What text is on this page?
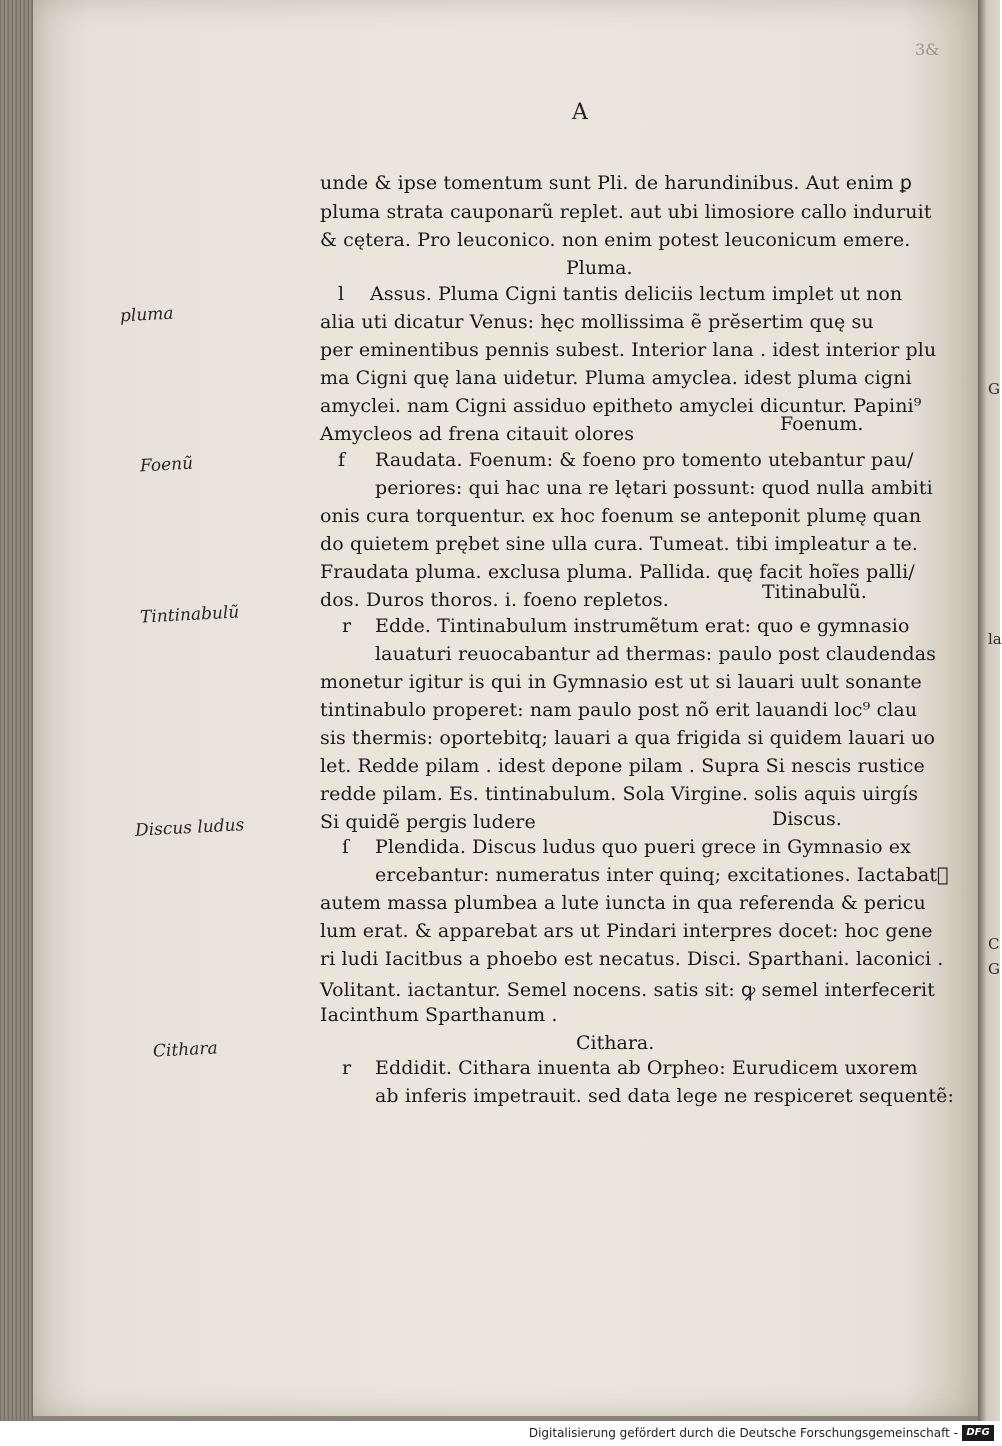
3&
A
unde & ipse tomentum sunt Pli. de harundinibus. Aut enim ꝑ
pluma strata cauponarũ replet. aut ubi limosiore callo induruit
& cętera. Pro leuconico. non enim potest leuconicum emere.
Pluma.
l Assus. Pluma Cigni tantis deliciis lectum implet ut non
alia uti dicatur Venus: hęc mollissima ẽ prĕsertim quę su
per eminentibus pennis subest. Interior lana . idest interior plu
ma Cigni quę lana uidetur. Pluma amyclea. idest pluma cigni
amyclei. nam Cigni assiduo epitheto amyclei dicuntur. Papini⁹
Amycleos ad frena citauit olores	Foenum.
f Raudata. Foenum: & foeno pro tomento utebantur pau/
periores: qui hac una re lętari possunt: quod nulla ambiti
onis cura torquentur. ex hoc foenum se anteponit plumę quan
do quietem prębet sine ulla cura. Tumeat. tibi impleatur a te.
Fraudata pluma. exclusa pluma. Pallida. quę facit hoĩes palli/
dos. Duros thoros. i. foeno repletos.	Titinabulũ.
r Edde. Tintinabulum instrumẽtum erat: quo e gymnasio
lauaturi reuocabantur ad thermas: paulo post claudendas
monetur igitur is qui in Gymnasio est ut si lauari uult sonante
tintinabulo properet: nam paulo post nõ erit lauandi loc⁹ clau
sis thermis: oportebitq; lauari a qua frigida si quidem lauari uo
let. Redde pilam . idest depone pilam . Supra Si nescis rustice
redde pilam. Es. tintinabulum. Sola Virgine. solis aquis uirgís
Si quidẽ pergis ludere	Discus.
ſ Plendida. Discus ludus quo pueri grece in Gymnasio ex
ercebantur: numeratus inter quinq; excitationes. Iactabat᷑
autem massa plumbea a lute iuncta in qua referenda & pericu
lum erat. & apparebat ars ut Pindari interpres docet: hoc gene
ri ludi Iacitbus a phoebo est necatus. Disci. Sparthani. laconici .
Volitant. iactantur. Semel nocens. satis sit: ꝙ semel interfecerit
Iacinthum Sparthanum .
Cithara.
r Eddidit. Cithara inuenta ab Orpheo: Eurudicem uxorem
ab inferis impetrauit. sed data lege ne respiceret sequentẽ:
pluma
Foenũ
Tintinabulũ
Discus ludus
Cithara
G
la
C
G
Digitalisierung gefördert durch die Deutsche Forschungsgemeinschaft - DFG
